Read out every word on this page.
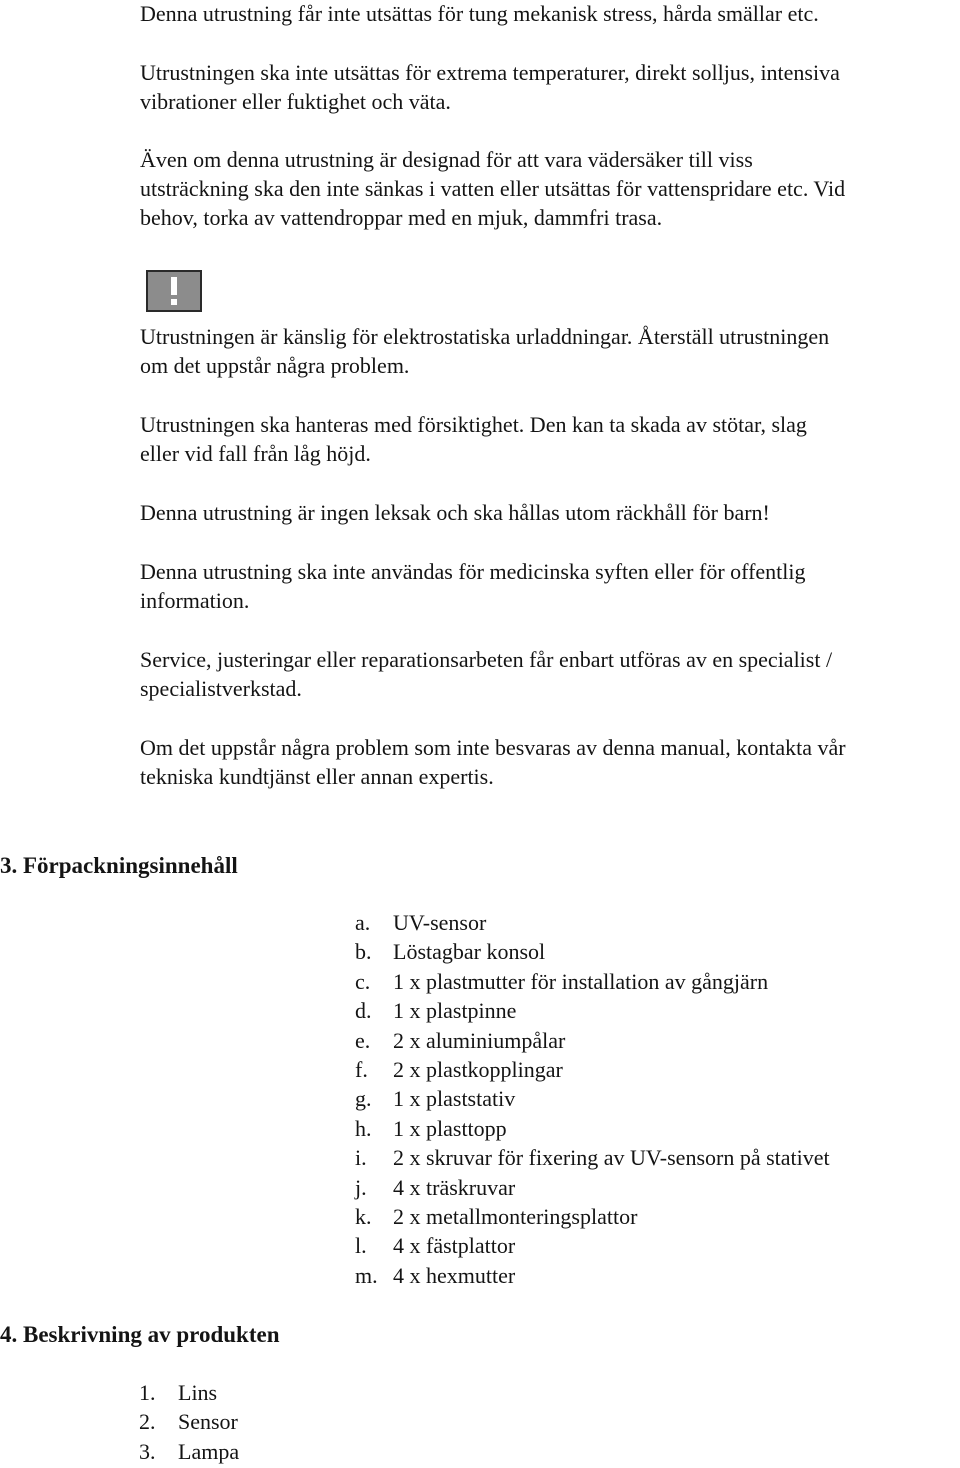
Denna utrustning får inte utsättas för tung mekanisk stress, hårda smällar etc.
Utrustningen ska inte utsättas för extrema temperaturer, direkt solljus, intensiva
vibrationer eller fuktighet och väta.
Även om denna utrustning är designad för att vara vädersäker till viss
utsträckning ska den inte sänkas i vatten eller utsättas för vattenspridare etc. Vid
behov, torka av vattendroppar med en mjuk, dammfri trasa.
Utrustningen är känslig för elektrostatiska urladdningar. Återställ utrustningen
om det uppstår några problem.
Utrustningen ska hanteras med försiktighet. Den kan ta skada av stötar, slag
eller vid fall från låg höjd.
Denna utrustning är ingen leksak och ska hållas utom räckhåll för barn!
Denna utrustning ska inte användas för medicinska syften eller för offentlig
information.
Service, justeringar eller reparationsarbeten får enbart utföras av en specialist /
specialistverkstad.
Om det uppstår några problem som inte besvaras av denna manual, kontakta vår
tekniska kundtjänst eller annan expertis.
3. Förpackningsinnehåll
a. UV-sensor
b. Löstagbar konsol
c. 1 x plastmutter för installation av gångjärn
d. 1 x plastpinne
e. 2 x aluminiumpålar
f. 2 x plastkopplingar
g. 1 x plaststativ
h. 1 x plasttopp
i. 2 x skruvar för fixering av UV-sensorn på stativet
j. 4 x träskruvar
k. 2 x metallmonteringsplattor
l. 4 x fästplattor
m. 4 x hexmutter
4. Beskrivning av produkten
1. Lins
2. Sensor
3. Lampa
